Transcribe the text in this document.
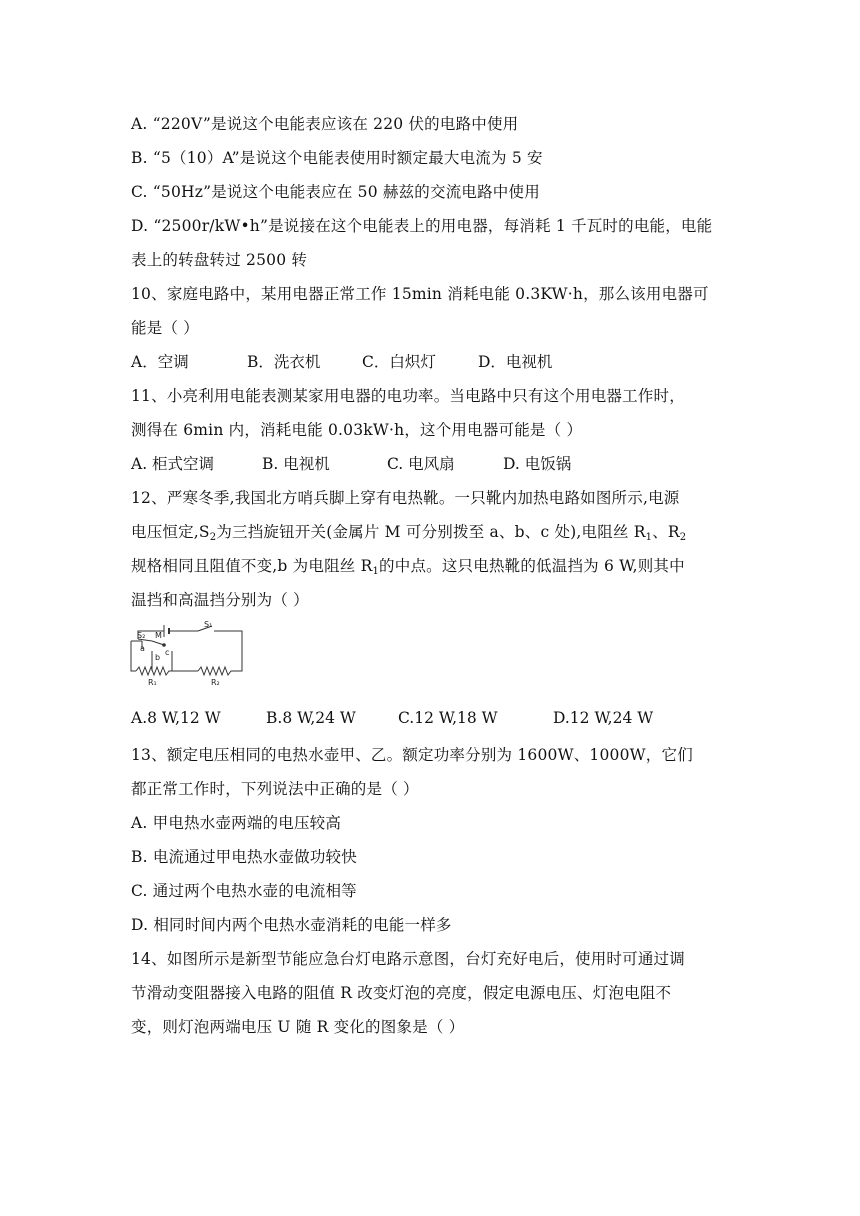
A. “220V”是说这个电能表应该在 220 伏的电路中使用
B. “5（10）A”是说这个电能表使用时额定最大电流为 5 安
C. “50Hz”是说这个电能表应在 50 赫兹的交流电路中使用
D. “2500r/kW•h”是说接在这个电能表上的用电器，每消耗 1 千瓦时的电能，电能
表上的转盘转过 2500 转
10、家庭电路中，某用电器正常工作 15min 消耗电能 0.3KW·h，那么该用电器可
能是（ ）
A．空调	B．洗衣机	C．白炽灯	D．电视机
11、小亮利用电能表测某家用电器的电功率。当电路中只有这个用电器工作时，
测得在 6min 内，消耗电能 0.03kW·h，这个用电器可能是（ ）
A. 柜式空调	B. 电视机	C. 电风扇	D. 电饭锅
12、严寒冬季,我国北方哨兵脚上穿有电热靴。一只靴内加热电路如图所示,电源
电压恒定$,S_2$为三挡旋钮开关(金属片 M 可分别拨至 a、b、c 处),电阻丝 $R_1$、$R_2$
规格相同且阻值不变,b 为电阻丝 $R_1$的中点。这只电热靴的低温挡为 6 W,则其中
温挡和高温挡分别为（ ）
S₂ M
S₁
a
b
c
R₁	R₂
A.8 W,12 W	B.8 W,24 W	C.12 W,18 W	D.12 W,24 W
13、额定电压相同的电热水壶甲、乙。额定功率分别为 1600W、1000W，它们
都正常工作时，下列说法中正确的是（ ）
A. 甲电热水壶两端的电压较高
B. 电流通过甲电热水壶做功较快
C. 通过两个电热水壶的电流相等
D. 相同时间内两个电热水壶消耗的电能一样多
14、如图所示是新型节能应急台灯电路示意图，台灯充好电后，使用时可通过调
节滑动变阻器接入电路的阻值 R 改变灯泡的亮度，假定电源电压、灯泡电阻不
变，则灯泡两端电压 U 随 R 变化的图象是（ ）
